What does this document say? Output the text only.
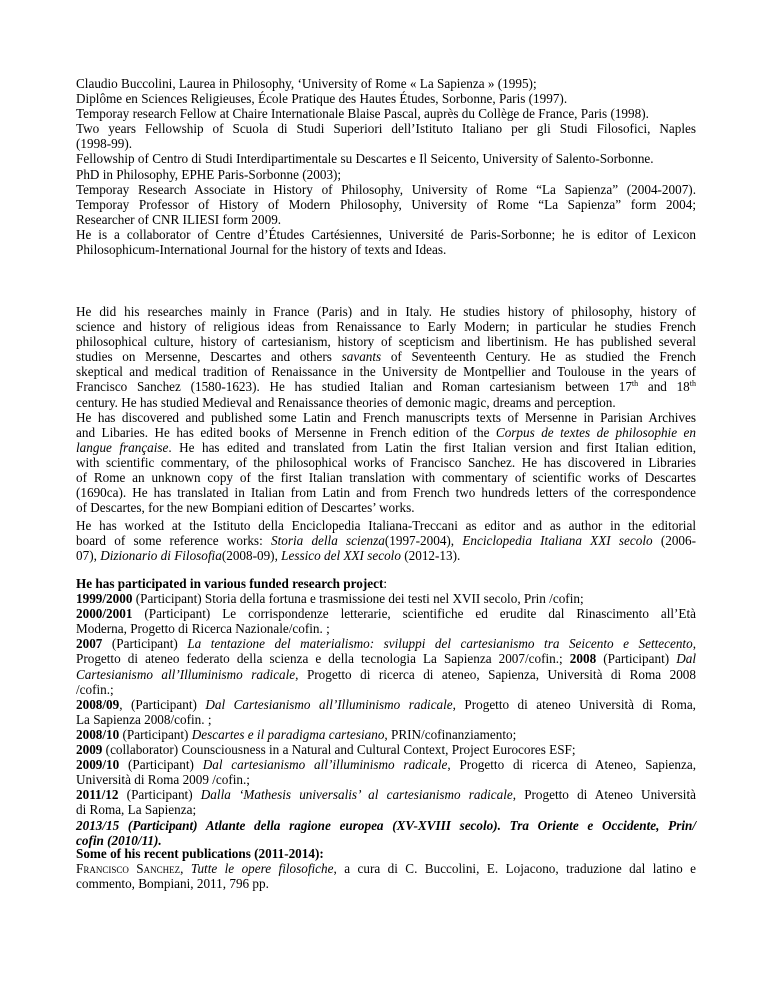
Claudio Buccolini, Laurea in Philosophy, ‘University of Rome « La Sapienza » (1995);
Diplôme en Sciences Religieuses, École Pratique des Hautes Études, Sorbonne, Paris (1997).
Temporay research Fellow at Chaire Internationale Blaise Pascal, auprès du Collège de France, Paris (1998).
Two years Fellowship of Scuola di Studi Superiori dell’Istituto Italiano per gli Studi Filosofici, Naples
(1998-99).
Fellowship of Centro di Studi Interdipartimentale su Descartes e Il Seicento, University of Salento-Sorbonne.
PhD in Philosophy, EPHE Paris-Sorbonne (2003);
Temporay Research Associate in History of Philosophy, University of Rome “La Sapienza” (2004-2007).
Temporay Professor of History of Modern Philosophy, University of Rome “La Sapienza” form 2004;
Researcher of CNR ILIESI form 2009.
He is a collaborator of Centre d’Études Cartésiennes, Université de Paris-Sorbonne; he is editor of Lexicon
Philosophicum-International Journal for the history of texts and Ideas.
He did his researches mainly in France (Paris) and in Italy. He studies history of philosophy, history of
science and history of religious ideas from Renaissance to Early Modern; in particular he studies French
philosophical culture, history of cartesianism, history of scepticism and libertinism. He has published several
studies on Mersenne, Descartes and others savants of Seventeenth Century. He as studied the French
skeptical and medical tradition of Renaissance in the University de Montpellier and Toulouse in the years of
Francisco Sanchez (1580-1623). He has studied Italian and Roman cartesianism between 17th and 18th
century. He has studied Medieval and Renaissance theories of demonic magic, dreams and perception.
He has discovered and published some Latin and French manuscripts texts of Mersenne in Parisian Archives
and Libaries. He has edited books of Mersenne in French edition of the Corpus de textes de philosophie en
langue française. He has edited and translated from Latin the first Italian version and first Italian edition,
with scientific commentary, of the philosophical works of Francisco Sanchez. He has discovered in Libraries
of Rome an unknown copy of the first Italian translation with commentary of scientific works of Descartes
(1690ca). He has translated in Italian from Latin and from French two hundreds letters of the correspondence
of Descartes, for the new Bompiani edition of Descartes’ works.
He has worked at the Istituto della Enciclopedia Italiana-Treccani as editor and as author in the editorial
board of some reference works: Storia della scienza(1997-2004), Enciclopedia Italiana XXI secolo (2006-
07), Dizionario di Filosofia(2008-09), Lessico del XXI secolo (2012-13).
He has participated in various funded research project:
1999/2000 (Participant) Storia della fortuna e trasmissione dei testi nel XVII secolo, Prin /cofin;
2000/2001 (Participant) Le corrispondenze letterarie, scientifiche ed erudite dal Rinascimento all’Età
Moderna, Progetto di Ricerca Nazionale/cofin. ;
2007 (Participant) La tentazione del materialismo: sviluppi del cartesianismo tra Seicento e Settecento,
Progetto di ateneo federato della scienza e della tecnologia La Sapienza 2007/cofin.; 2008 (Participant) Dal
Cartesianismo all’Illuminismo radicale, Progetto di ricerca di ateneo, Sapienza, Università di Roma 2008
/cofin.;
2008/09, (Participant) Dal Cartesianismo all’Illuminismo radicale, Progetto di ateneo Università di Roma,
La Sapienza 2008/cofin. ;
2008/10 (Participant) Descartes e il paradigma cartesiano, PRIN/cofinanziamento;
2009 (collaborator) Counsciousness in a Natural and Cultural Context, Project Eurocores ESF;
2009/10 (Participant) Dal cartesianismo all’illuminismo radicale, Progetto di ricerca di Ateneo, Sapienza,
Università di Roma 2009 /cofin.;
2011/12 (Participant) Dalla ‘Mathesis universalis’ al cartesianismo radicale, Progetto di Ateneo Università
di Roma, La Sapienza;
2013/15 (Participant) Atlante della ragione europea (XV-XVIII secolo). Tra Oriente e Occidente, Prin/
cofin (2010/11).
Some of his recent publications (2011-2014):
Francisco Sanchez, Tutte le opere filosofiche, a cura di C. Buccolini, E. Lojacono, traduzione dal latino e
commento, Bompiani, 2011, 796 pp.
